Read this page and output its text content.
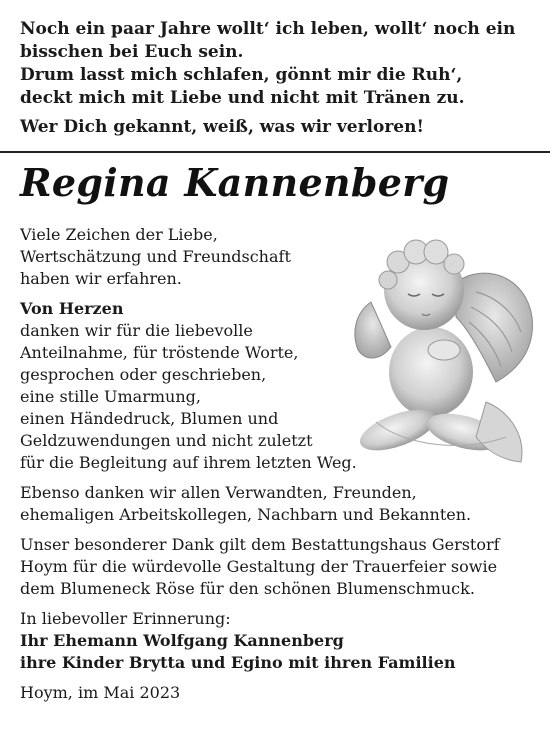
Noch ein paar Jahre wollt‘ ich leben, wollt‘ noch ein

bisschen bei Euch sein.

Drum lasst mich schlafen, gönnt mir die Ruh‘,

deckt mich mit Liebe und nicht mit Tränen zu.

Wer Dich gekannt, weiß, was wir verloren!

Regina Kannenberg

Viele Zeichen der Liebe,

Wertschätzung und Freundschaft

haben wir erfahren.

Von Herzen

danken wir für die liebevolle

Anteilnahme, für tröstende Worte,

gesprochen oder geschrieben,

eine stille Umarmung,

einen Händedruck, Blumen und

Geldzuwendungen und nicht zuletzt

für die Begleitung auf ihrem letzten Weg.

Ebenso danken wir allen Verwandten, Freunden,

ehemaligen Arbeitskollegen, Nachbarn und Bekannten.

Unser besonderer Dank gilt dem Bestattungshaus Gerstorf

Hoym für die würdevolle Gestaltung der Trauerfeier sowie

dem Blumeneck Röse für den schönen Blumenschmuck.

In liebevoller Erinnerung:

Ihr Ehemann Wolfgang Kannenberg

ihre Kinder Brytta und Egino mit ihren Familien

Hoym, im Mai 2023
